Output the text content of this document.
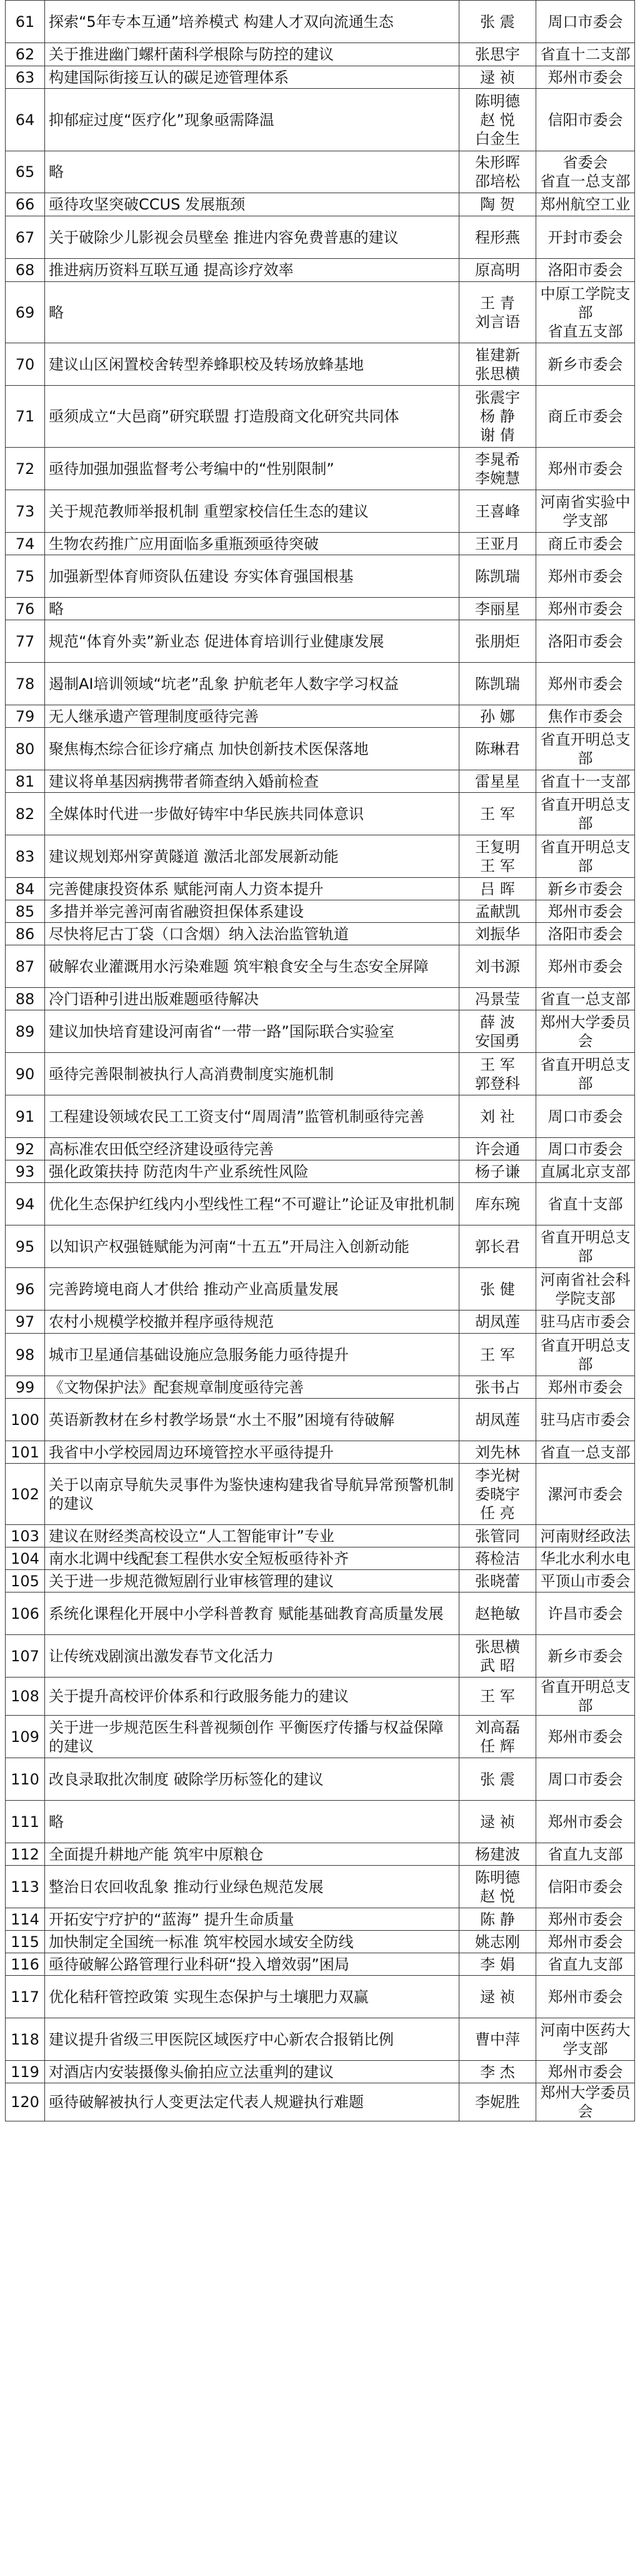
61	探索“5年专本互通”培养模式 构建人才双向流通生态	张 震	周口市委会
62	关于推进幽门螺杆菌科学根除与防控的建议	张思宇	省直十二支部
63	构建国际街接互认的碳足迹管理体系	逯 祯	郑州市委会
64	抑郁症过度“医疗化”现象亟需降温	陈明德
赵 悦
白金生	信阳市委会
65	略	朱形晖
邵培松	省委会
省直一总支部
66	亟待攻坚突破CCUS 发展瓶颈	陶 贺	郑州航空工业
67	关于破除少儿影视会员壁垒 推进内容免费普惠的建议	程形燕	开封市委会
68	推进病历资料互联互通 提高诊疗效率	原高明	洛阳市委会
69	略	王 青
刘言语	中原工学院支部
省直五支部
70	建议山区闲置校舍转型养蜂职校及转场放蜂基地	崔建新
张思横	新乡市委会
71	亟须成立“大邑商”研究联盟 打造殷商文化研究共同体	张震宇
杨 静
谢 倩	商丘市委会
72	亟待加强加强监督考公考编中的“性别限制”	李晁希
李婉慧	郑州市委会
73	关于规范教师举报机制 重塑家校信任生态的建议	王喜峰	河南省实验中学支部
74	生物农药推广应用面临多重瓶颈亟待突破	王亚月	商丘市委会
75	加强新型体育师资队伍建设 夯实体育强国根基	陈凯瑞	郑州市委会
76	略	李丽星	郑州市委会
77	规范“体育外卖”新业态 促进体育培训行业健康发展	张朋炬	洛阳市委会
78	遏制AI培训领域“坑老”乱象 护航老年人数字学习权益	陈凯瑞	郑州市委会
79	无人继承遗产管理制度亟待完善	孙 娜	焦作市委会
80	聚焦梅杰综合征诊疗痛点 加快创新技术医保落地	陈琳君	省直开明总支部
81	建议将单基因病携带者筛查纳入婚前检查	雷星星	省直十一支部
82	全媒体时代进一步做好铸牢中华民族共同体意识	王 军	省直开明总支部
83	建议规划郑州穿黄隧道 激活北部发展新动能	王复明
王 军	省直开明总支部
84	完善健康投资体系 赋能河南人力资本提升	吕 晖	新乡市委会
85	多措并举完善河南省融资担保体系建设	孟献凯	郑州市委会
86	尽快将尼古丁袋（口含烟）纳入法治监管轨道	刘振华	洛阳市委会
87	破解农业灌溉用水污染难题 筑牢粮食安全与生态安全屏障	刘书源	郑州市委会
88	冷门语种引进出版难题亟待解决	冯景莹	省直一总支部
89	建议加快培育建设河南省“一带一路”国际联合实验室	薛 波
安国勇	郑州大学委员会
90	亟待完善限制被执行人高消费制度实施机制	王 军
郭登科	省直开明总支部
91	工程建设领域农民工工资支付“周周清”监管机制亟待完善	刘 社	周口市委会
92	高标准农田低空经济建设亟待完善	许会通	周口市委会
93	强化政策扶持 防范肉牛产业系统性风险	杨子谦	直属北京支部
94	优化生态保护红线内小型线性工程“不可避让”论证及审批机制	库东琬	省直十支部
95	以知识产权强链赋能为河南“十五五”开局注入创新动能	郭长君	省直开明总支部
96	完善跨境电商人才供给 推动产业高质量发展	张 健	河南省社会科学院支部
97	农村小规模学校撤并程序亟待规范	胡凤莲	驻马店市委会
98	城市卫星通信基础设施应急服务能力亟待提升	王 军	省直开明总支部
99	《文物保护法》配套规章制度亟待完善	张书占	郑州市委会
100	英语新教材在乡村教学场景“水土不服”困境有待破解	胡凤莲	驻马店市委会
101	我省中小学校园周边环境管控水平亟待提升	刘先林	省直一总支部
102	关于以南京导航失灵事件为鉴快速构建我省导航异常预警机制的建议	李光树
委晓宇
任 亮	漯河市委会
103	建议在财经类高校设立“人工智能审计”专业	张管同	河南财经政法
104	南水北调中线配套工程供水安全短板亟待补齐	蒋检洁	华北水利水电
105	关于进一步规范微短剧行业审核管理的建议	张晓蕾	平顶山市委会
106	系统化课程化开展中小学科普教育 赋能基础教育高质量发展	赵艳敏	许昌市委会
107	让传统戏剧演出激发春节文化活力	张思横
武 昭	新乡市委会
108	关于提升高校评价体系和行政服务能力的建议	王 军	省直开明总支部
109	关于进一步规范医生科普视频创作 平衡医疗传播与权益保障的建议	刘高磊
任 辉	郑州市委会
110	改良录取批次制度 破除学历标签化的建议	张 震	周口市委会
111	略	逯 祯	郑州市委会
112	全面提升耕地产能 筑牢中原粮仓	杨建波	省直九支部
113	整治日农回收乱象 推动行业绿色规范发展	陈明德
赵 悦	信阳市委会
114	开拓安宁疗护的“蓝海” 提升生命质量	陈 静	郑州市委会
115	加快制定全国统一标准 筑牢校园水域安全防线	姚志刚	郑州市委会
116	亟待破解公路管理行业科研“投入增效弱”困局	李 娟	省直九支部
117	优化秸秆管控政策 实现生态保护与土壤肥力双赢	逯 祯	郑州市委会
118	建议提升省级三甲医院区域医疗中心新农合报销比例	曹中萍	河南中医药大学支部
119	对酒店内安装摄像头偷拍应立法重判的建议	李 杰	郑州市委会
120	亟待破解被执行人变更法定代表人规避执行难题	李妮胜	郑州大学委员会
